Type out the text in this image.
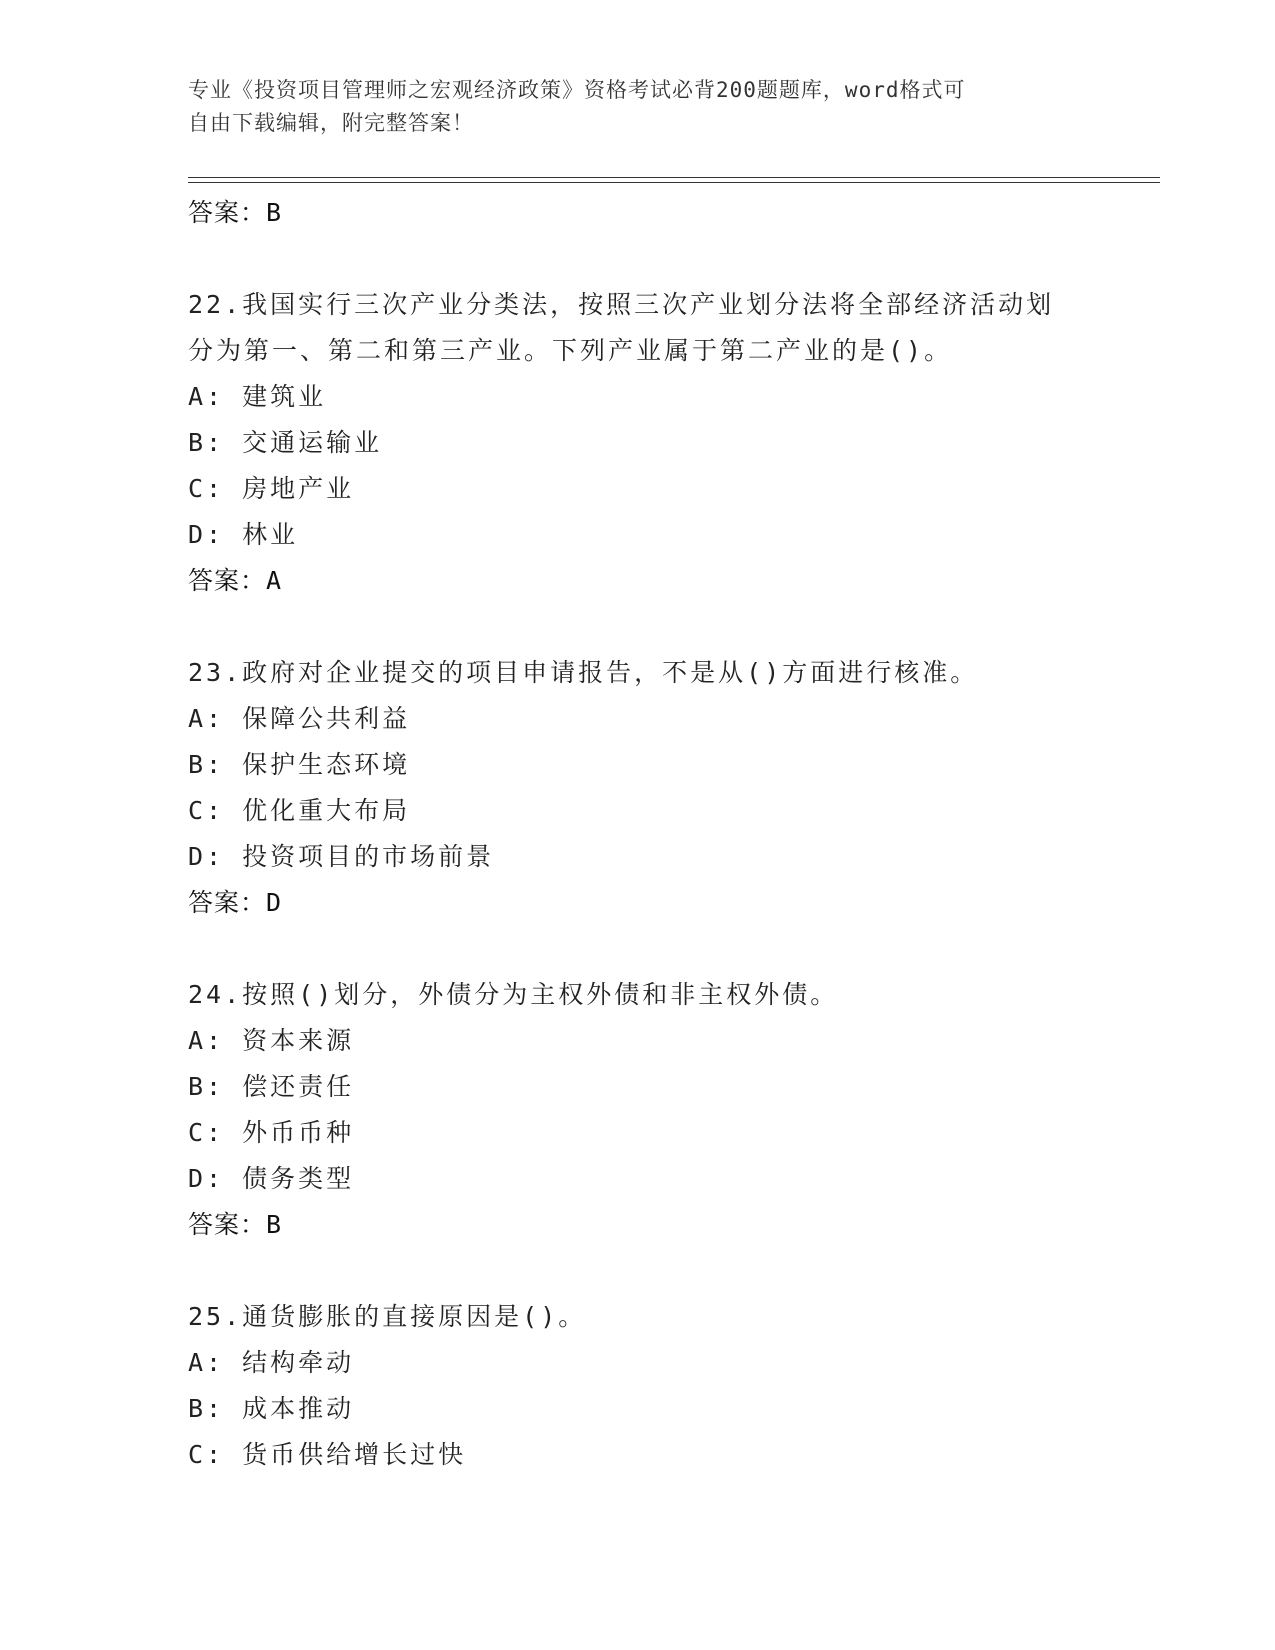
专业《投资项目管理师之宏观经济政策》资格考试必背200题题库，word格式可
自由下载编辑，附完整答案！
答案：B
22.我国实行三次产业分类法，按照三次产业划分法将全部经济活动划
分为第一、第二和第三产业。下列产业属于第二产业的是()。
A: 建筑业
B: 交通运输业
C: 房地产业
D: 林业
答案：A
23.政府对企业提交的项目申请报告，不是从()方面进行核准。
A: 保障公共利益
B: 保护生态环境
C: 优化重大布局
D: 投资项目的市场前景
答案：D
24.按照()划分，外债分为主权外债和非主权外债。
A: 资本来源
B: 偿还责任
C: 外币币种
D: 债务类型
答案：B
25.通货膨胀的直接原因是()。
A: 结构牵动
B: 成本推动
C: 货币供给增长过快
